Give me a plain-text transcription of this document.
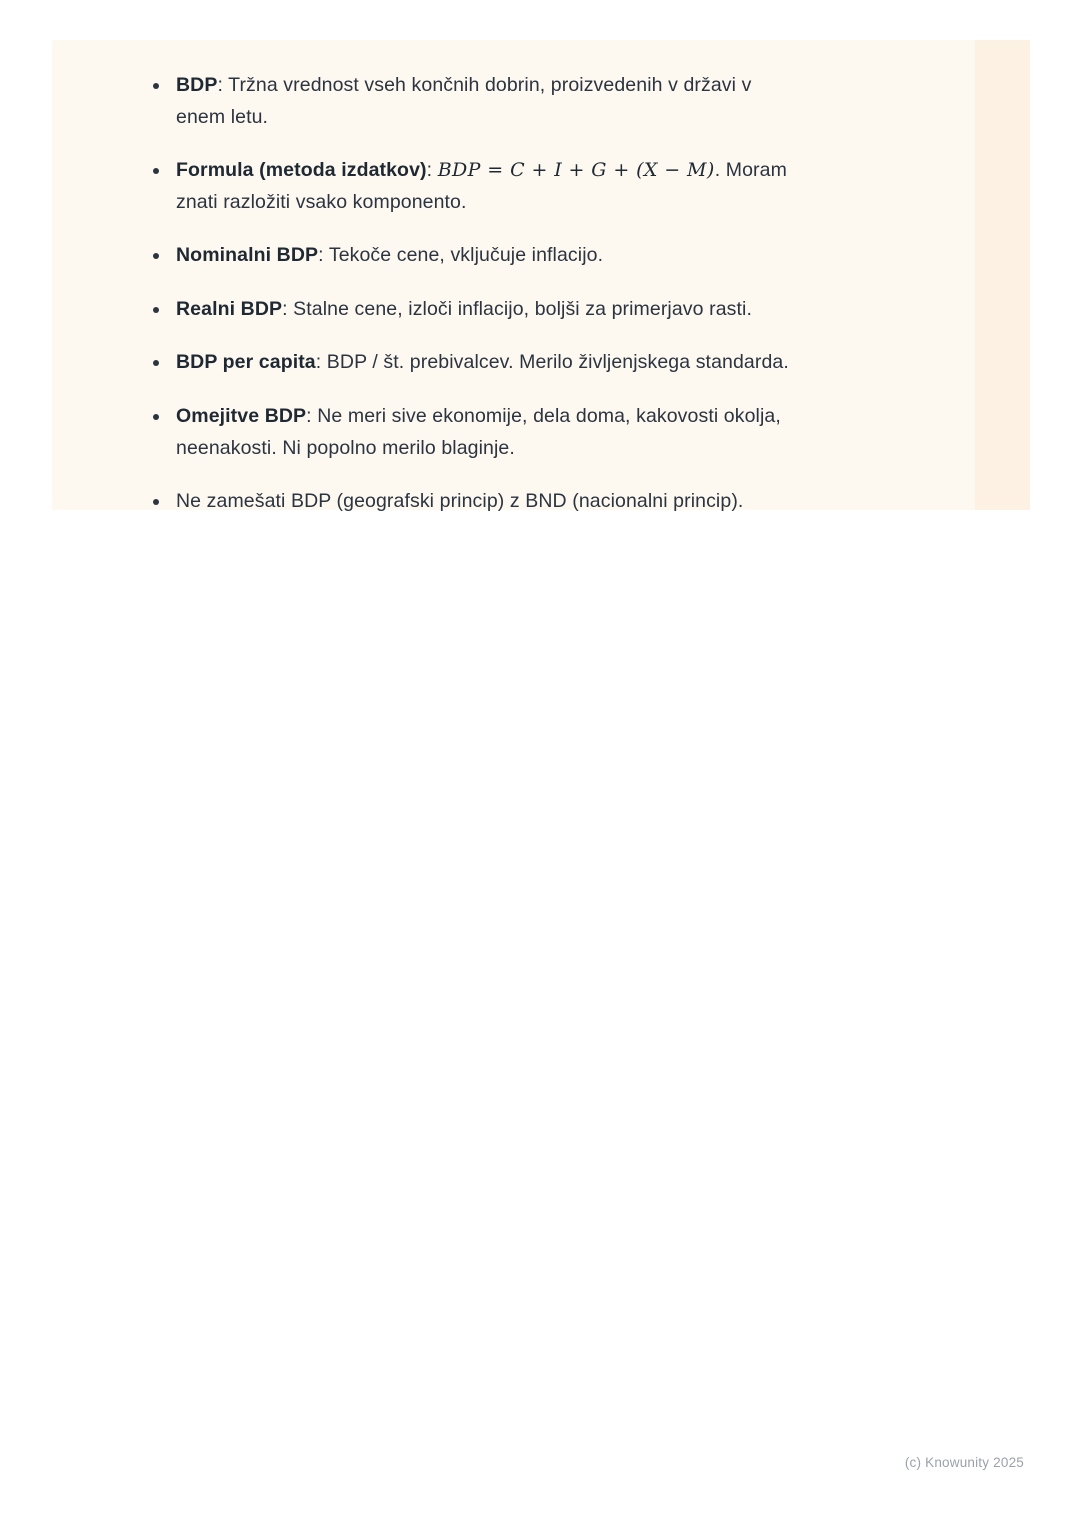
BDP: Tržna vrednost vseh končnih dobrin, proizvedenih v državi v enem letu.
Formula (metoda izdatkov): BDP = C + I + G + (X − M). Moram znati razložiti vsako komponento.
Nominalni BDP: Tekoče cene, vključuje inflacijo.
Realni BDP: Stalne cene, izloči inflacijo, boljši za primerjavo rasti.
BDP per capita: BDP / št. prebivalcev. Merilo življenjskega standarda.
Omejitve BDP: Ne meri sive ekonomije, dela doma, kakovosti okolja, neenakosti. Ni popolno merilo blaginje.
Ne zamešati BDP (geografski princip) z BND (nacionalni princip).
(c) Knowunity 2025
